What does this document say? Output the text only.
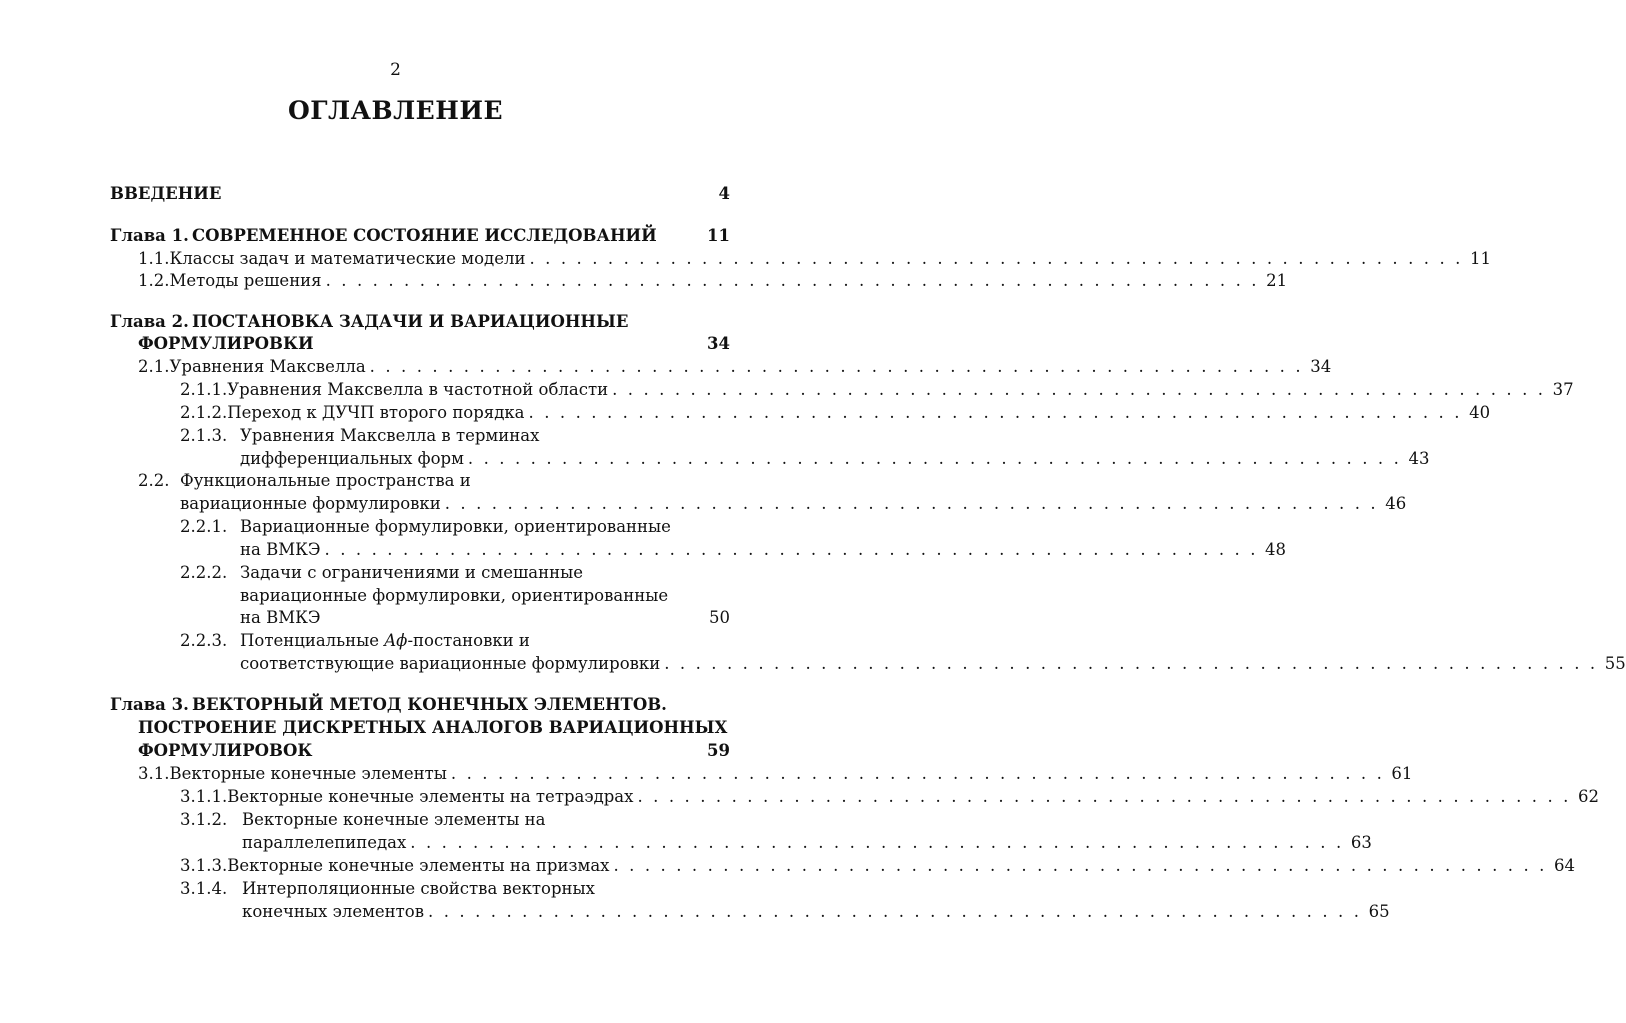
2
ОГЛАВЛЕНИЕ
ВВЕДЕНИЕ	4
Глава 1. СОВРЕМЕННОЕ СОСТОЯНИЕ ИССЛЕДОВАНИЙ	11
1.1. Классы задач и математические модели . . . . . . . . . . . . . . . . . . . . . . . . . . . . . . . . . . . . . . . . . . . . . . . . . . . . . . . . . . . . 11
1.2. Методы решения . . . . . . . . . . . . . . . . . . . . . . . . . . . . . . . . . . . . . . . . . . . . . . . . . . . . . . . . . . . . 21
Глава 2. ПОСТАНОВКА ЗАДАЧИ И ВАРИАЦИОННЫЕ
ФОРМУЛИРОВКИ	34
2.1. Уравнения Максвелла . . . . . . . . . . . . . . . . . . . . . . . . . . . . . . . . . . . . . . . . . . . . . . . . . . . . . . . . . . . . 34
2.1.1. Уравнения Максвелла в частотной области . . . . . . . . . . . . . . . . . . . . . . . . . . . . . . . . . . . . . . . . . . . . . . . . . . . . . . . . . . . . 37
2.1.2. Переход к ДУЧП второго порядка . . . . . . . . . . . . . . . . . . . . . . . . . . . . . . . . . . . . . . . . . . . . . . . . . . . . . . . . . . . . 40
2.1.3. Уравнения Максвелла в терминах
дифференциальных форм . . . . . . . . . . . . . . . . . . . . . . . . . . . . . . . . . . . . . . . . . . . . . . . . . . . . . . . . . . . . 43
2.2. Функциональные пространства и
вариационные формулировки . . . . . . . . . . . . . . . . . . . . . . . . . . . . . . . . . . . . . . . . . . . . . . . . . . . . . . . . . . . . 46
2.2.1. Вариационные формулировки, ориентированные
на ВМКЭ . . . . . . . . . . . . . . . . . . . . . . . . . . . . . . . . . . . . . . . . . . . . . . . . . . . . . . . . . . . . 48
2.2.2. Задачи с ограничениями и смешанные
вариационные формулировки, ориентированные
на ВМКЭ	50
2.2.3. Потенциальные Aϕ-постановки и
соответствующие вариационные формулировки . . . . . . . . . . . . . . . . . . . . . . . . . . . . . . . . . . . . . . . . . . . . . . . . . . . . . . . . . . . . 55
Глава 3. ВЕКТОРНЫЙ МЕТОД КОНЕЧНЫХ ЭЛЕМЕНТОВ.
ПОСТРОЕНИЕ ДИСКРЕТНЫХ АНАЛОГОВ ВАРИАЦИОННЫХ
ФОРМУЛИРОВОК	59
3.1. Векторные конечные элементы . . . . . . . . . . . . . . . . . . . . . . . . . . . . . . . . . . . . . . . . . . . . . . . . . . . . . . . . . . . . 61
3.1.1. Векторные конечные элементы на тетраэдрах . . . . . . . . . . . . . . . . . . . . . . . . . . . . . . . . . . . . . . . . . . . . . . . . . . . . . . . . . . . . 62
3.1.2. Векторные конечные элементы на
параллелепипедах . . . . . . . . . . . . . . . . . . . . . . . . . . . . . . . . . . . . . . . . . . . . . . . . . . . . . . . . . . . . 63
3.1.3. Векторные конечные элементы на призмах . . . . . . . . . . . . . . . . . . . . . . . . . . . . . . . . . . . . . . . . . . . . . . . . . . . . . . . . . . . . 64
3.1.4. Интерполяционные свойства векторных
конечных элементов . . . . . . . . . . . . . . . . . . . . . . . . . . . . . . . . . . . . . . . . . . . . . . . . . . . . . . . . . . . . 65
